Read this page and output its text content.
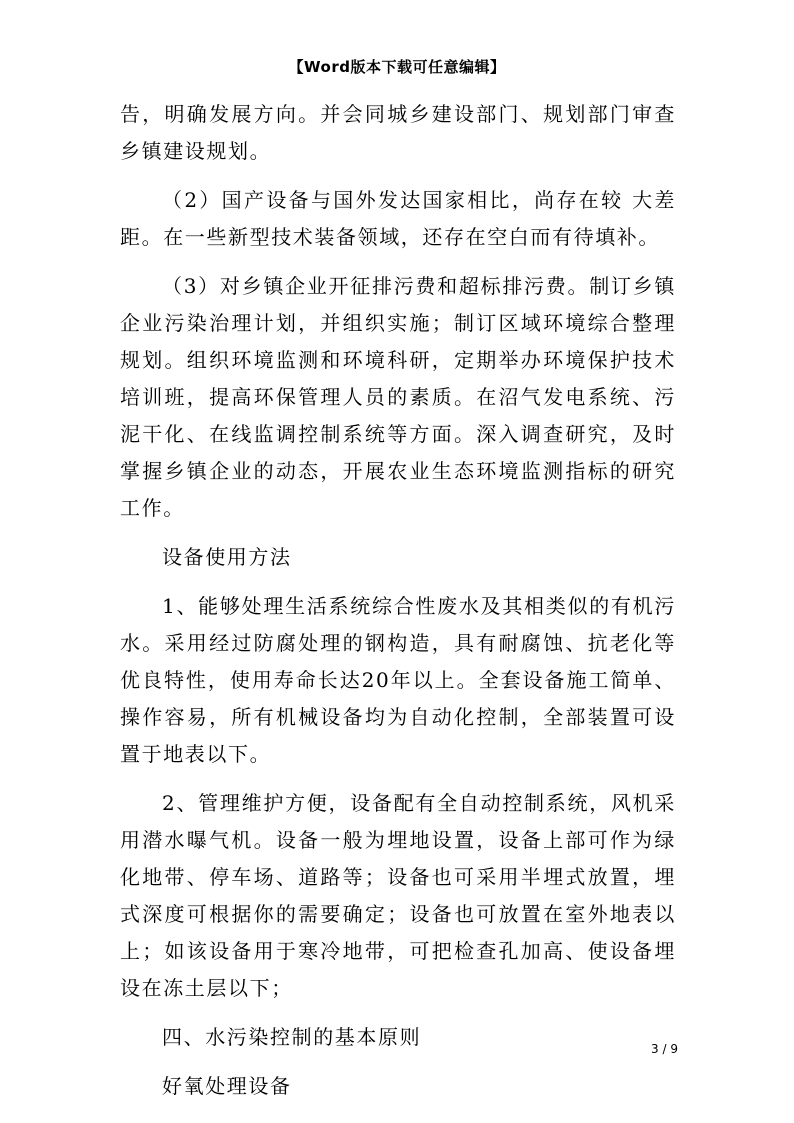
【Word版本下载可任意编辑】

告，明确发展方向。并会同城乡建设部门、规划部门审查乡镇建设规划。

（2）国产设备与国外发达国家相比，尚存在较 大差距。在一些新型技术装备领域，还存在空白而有待填补。

（3）对乡镇企业开征排污费和超标排污费。制订乡镇企业污染治理计划，并组织实施；制订区域环境综合整理规划。组织环境监测和环境科研，定期举办环境保护技术培训班，提高环保管理人员的素质。在沼气发电系统、污泥干化、在线监调控制系统等方面。深入调查研究，及时掌握乡镇企业的动态，开展农业生态环境监测指标的研究工作。

设备使用方法

1、能够处理生活系统综合性废水及其相类似的有机污水。采用经过防腐处理的钢构造，具有耐腐蚀、抗老化等优良特性，使用寿命长达20年以上。全套设备施工简单、操作容易，所有机械设备均为自动化控制，全部装置可设置于地表以下。

2、管理维护方便，设备配有全自动控制系统，风机采用潜水曝气机。设备一般为埋地设置，设备上部可作为绿化地带、停车场、道路等；设备也可采用半埋式放置，埋式深度可根据你的需要确定；设备也可放置在室外地表以上；如该设备用于寒冷地带，可把检查孔加高、使设备埋设在冻土层以下；

四、水污染控制的基本原则

好氧处理设备

3 / 9
